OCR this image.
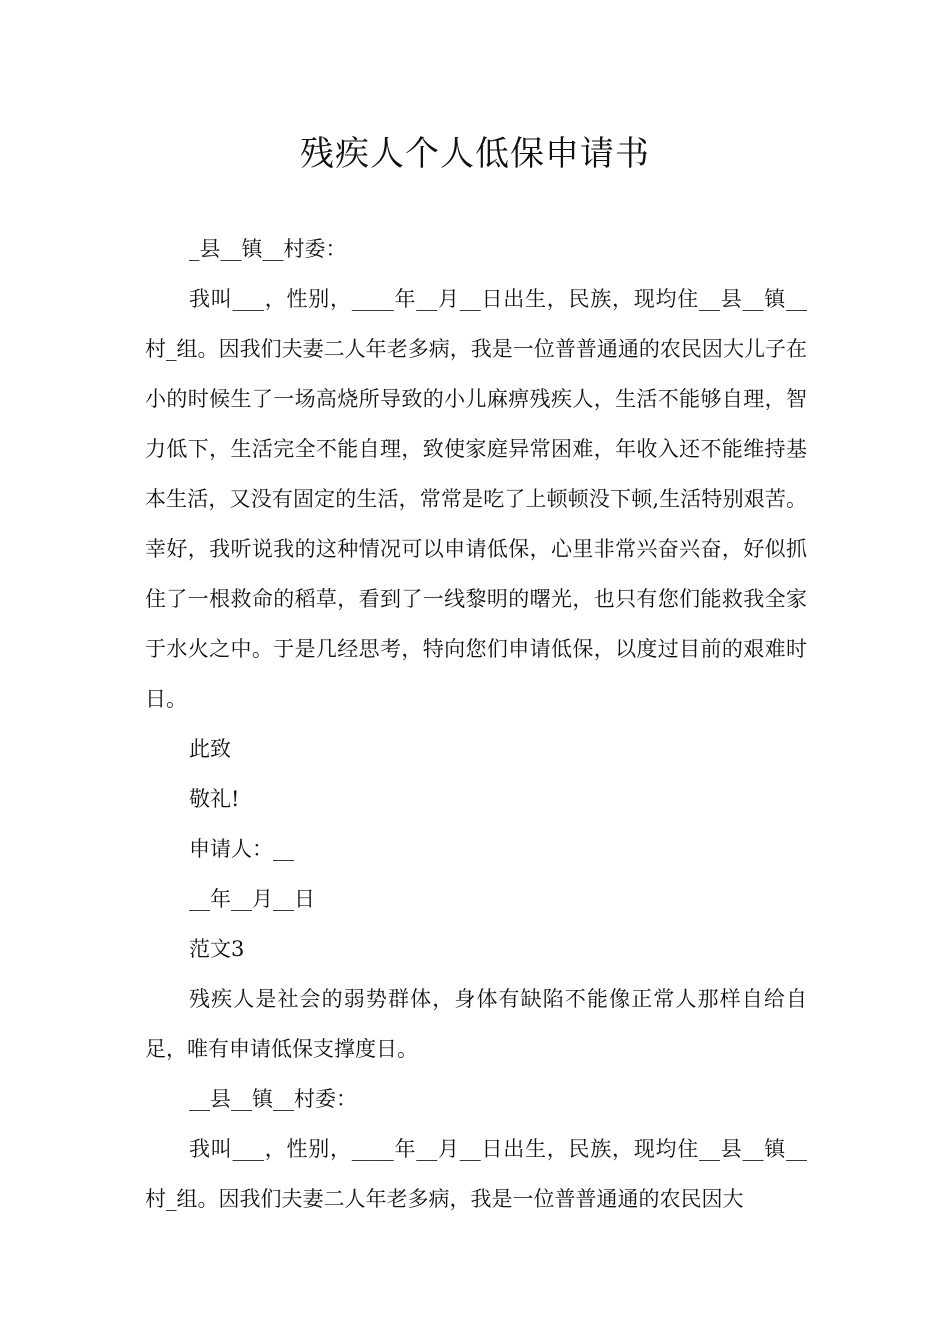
残疾人个人低保申请书

_县__镇__村委：

我叫___，性别，____年__月__日出生，民族，现均住__县__镇__村_组。因我们夫妻二人年老多病，我是一位普普通通的农民因大儿子在小的时候生了一场高烧所导致的小儿麻痹残疾人，生活不能够自理，智力低下，生活完全不能自理，致使家庭异常困难，年收入还不能维持基本生活，又没有固定的生活，常常是吃了上顿顿没下顿,生活特别艰苦。幸好，我听说我的这种情况可以申请低保，心里非常兴奋兴奋，好似抓住了一根救命的稻草，看到了一线黎明的曙光，也只有您们能救我全家于水火之中。于是几经思考，特向您们申请低保，以度过目前的艰难时日。

此致

敬礼!

申请人：__

__年__月__日

范文3

残疾人是社会的弱势群体，身体有缺陷不能像正常人那样自给自足，唯有申请低保支撑度日。

__县__镇__村委：

我叫___，性别，____年__月__日出生，民族，现均住__县__镇__村_组。因我们夫妻二人年老多病，我是一位普普通通的农民因大
